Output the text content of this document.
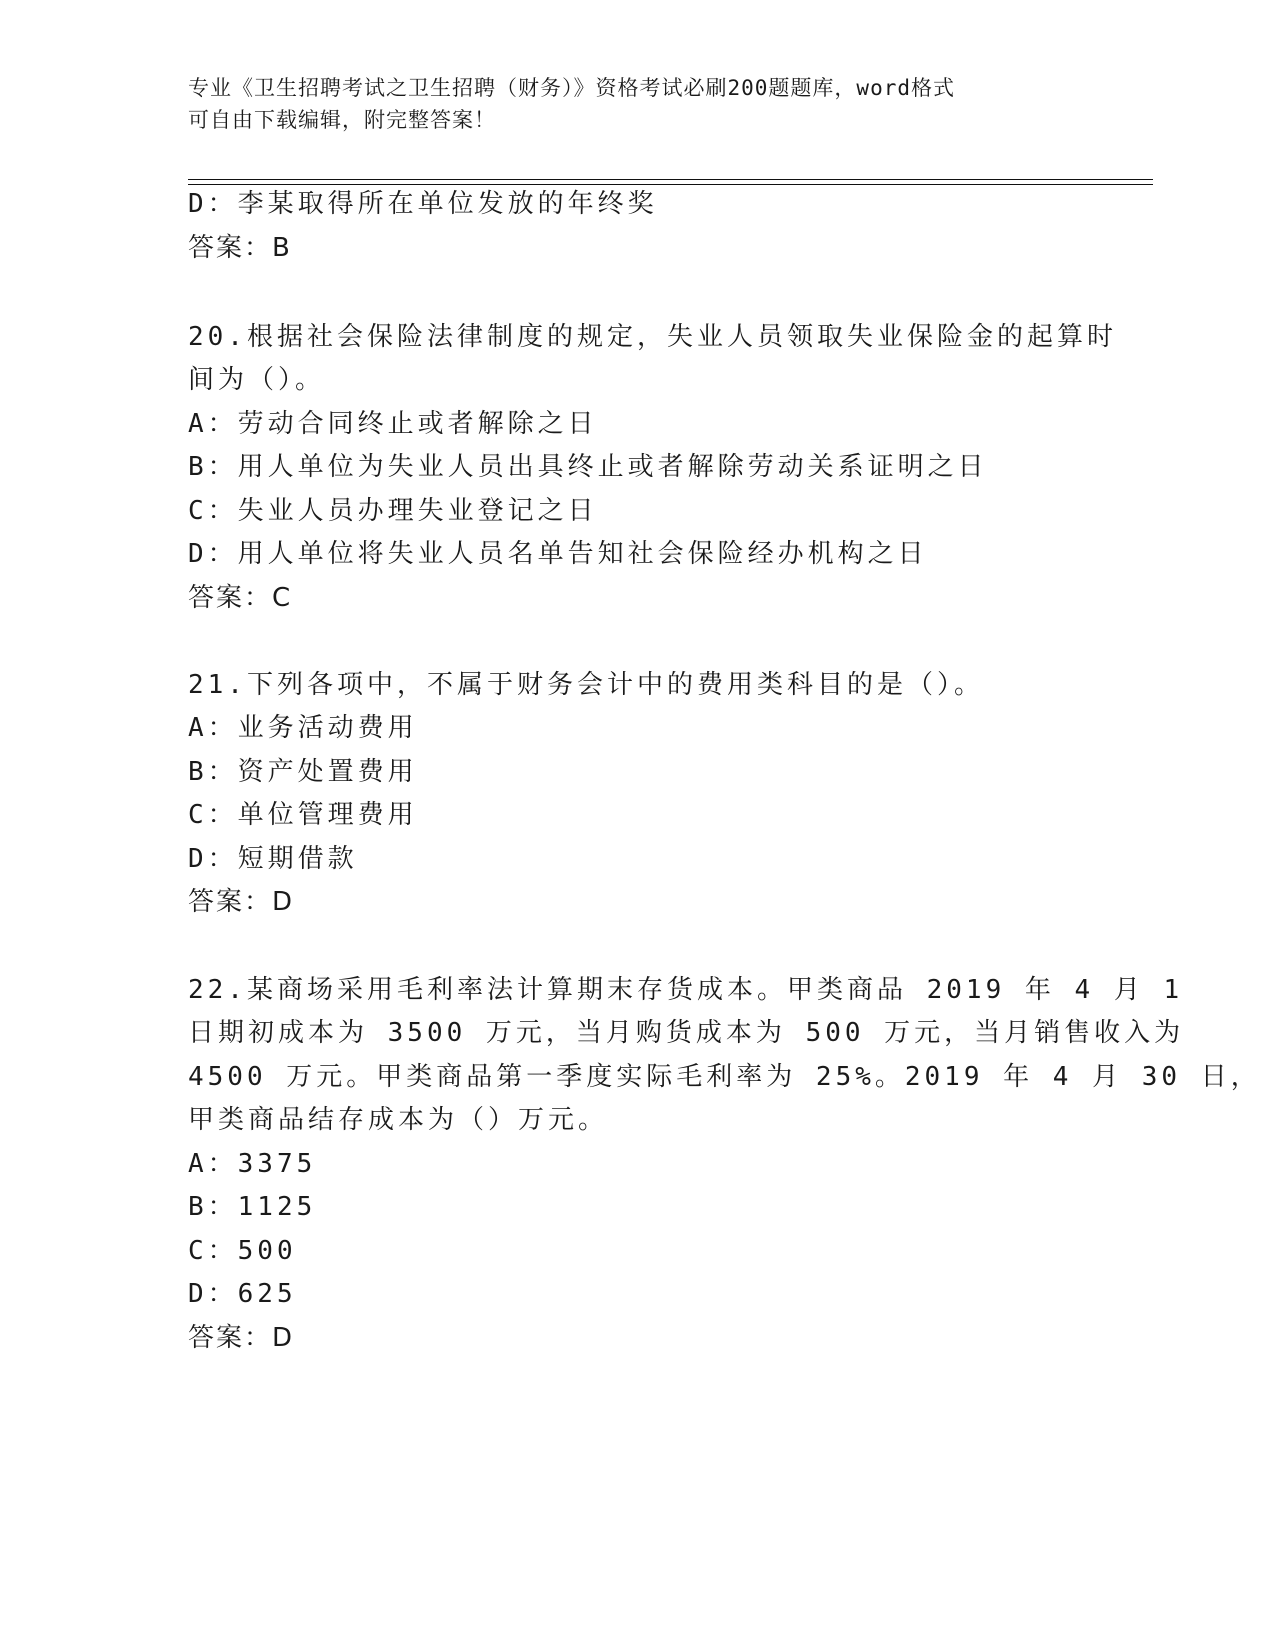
专业《卫生招聘考试之卫生招聘（财务）》资格考试必刷200题题库，word格式
可自由下载编辑，附完整答案！
D：李某取得所在单位发放的年终奖
答案：B
20.根据社会保险法律制度的规定，失业人员领取失业保险金的起算时
间为（）。
A：劳动合同终止或者解除之日
B：用人单位为失业人员出具终止或者解除劳动关系证明之日
C：失业人员办理失业登记之日
D：用人单位将失业人员名单告知社会保险经办机构之日
答案：C
21.下列各项中，不属于财务会计中的费用类科目的是（）。
A：业务活动费用
B：资产处置费用
C：单位管理费用
D：短期借款
答案：D
22.某商场采用毛利率法计算期末存货成本。甲类商品 2019 年 4 月 1
日期初成本为 3500 万元，当月购货成本为 500 万元，当月销售收入为
4500 万元。甲类商品第一季度实际毛利率为 25%。2019 年 4 月 30 日，
甲类商品结存成本为（）万元。
A：3375
B：1125
C：500
D：625
答案：D
